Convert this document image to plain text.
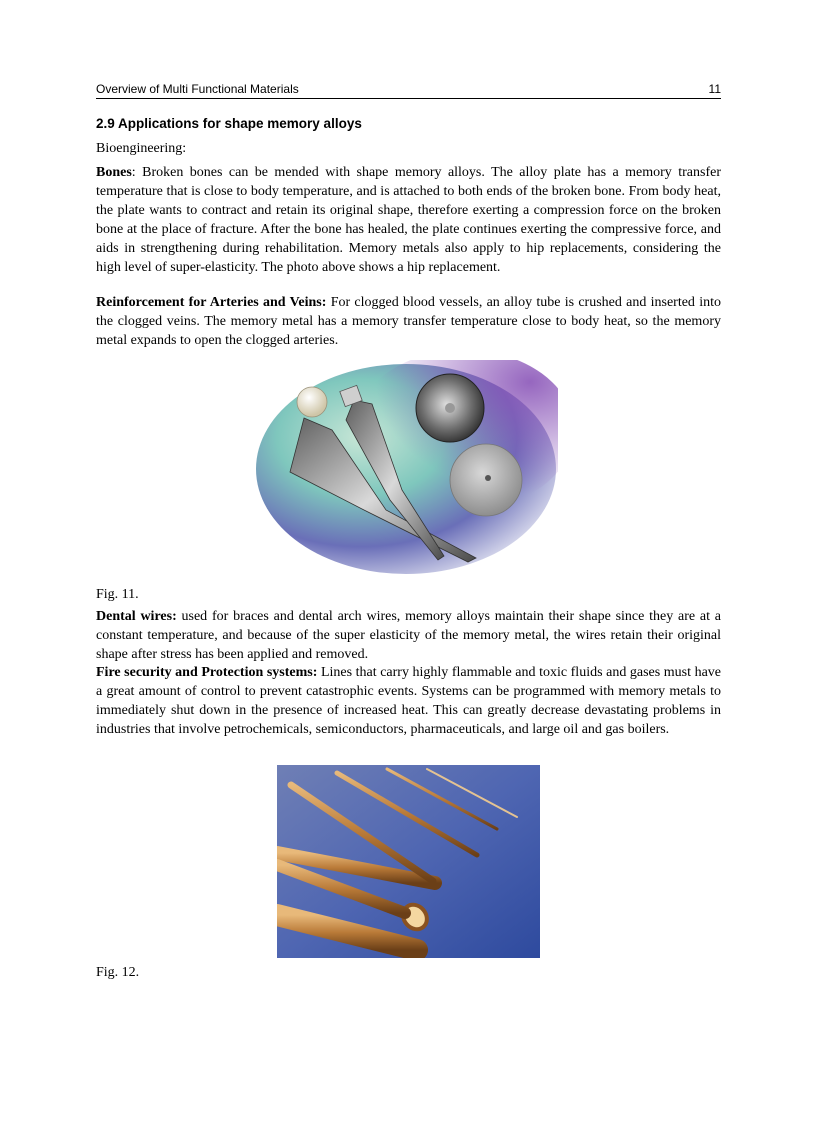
Overview of Multi Functional Materials	11
2.9 Applications for shape memory alloys
Bioengineering:

Bones: Broken bones can be mended with shape memory alloys. The alloy plate has a memory transfer temperature that is close to body temperature, and is attached to both ends of the broken bone. From body heat, the plate wants to contract and retain its original shape, therefore exerting a compression force on the broken bone at the place of fracture. After the bone has healed, the plate continues exerting the compressive force, and aids in strengthening during rehabilitation. Memory metals also apply to hip replacements, considering the high level of super-elasticity. The photo above shows a hip replacement.

Reinforcement for Arteries and Veins: For clogged blood vessels, an alloy tube is crushed and inserted into the clogged veins. The memory metal has a memory transfer temperature close to body heat, so the memory metal expands to open the clogged arteries.

Fig. 11.

Dental wires: used for braces and dental arch wires, memory alloys maintain their shape since they are at a constant temperature, and because of the super elasticity of the memory metal, the wires retain their original shape after stress has been applied and removed.

Fire security and Protection systems: Lines that carry highly flammable and toxic fluids and gases must have a great amount of control to prevent catastrophic events. Systems can be programmed with memory metals to immediately shut down in the presence of increased heat. This can greatly decrease devastating problems in industries that involve petrochemicals, semiconductors, pharmaceuticals, and large oil and gas boilers.

Fig. 12.
